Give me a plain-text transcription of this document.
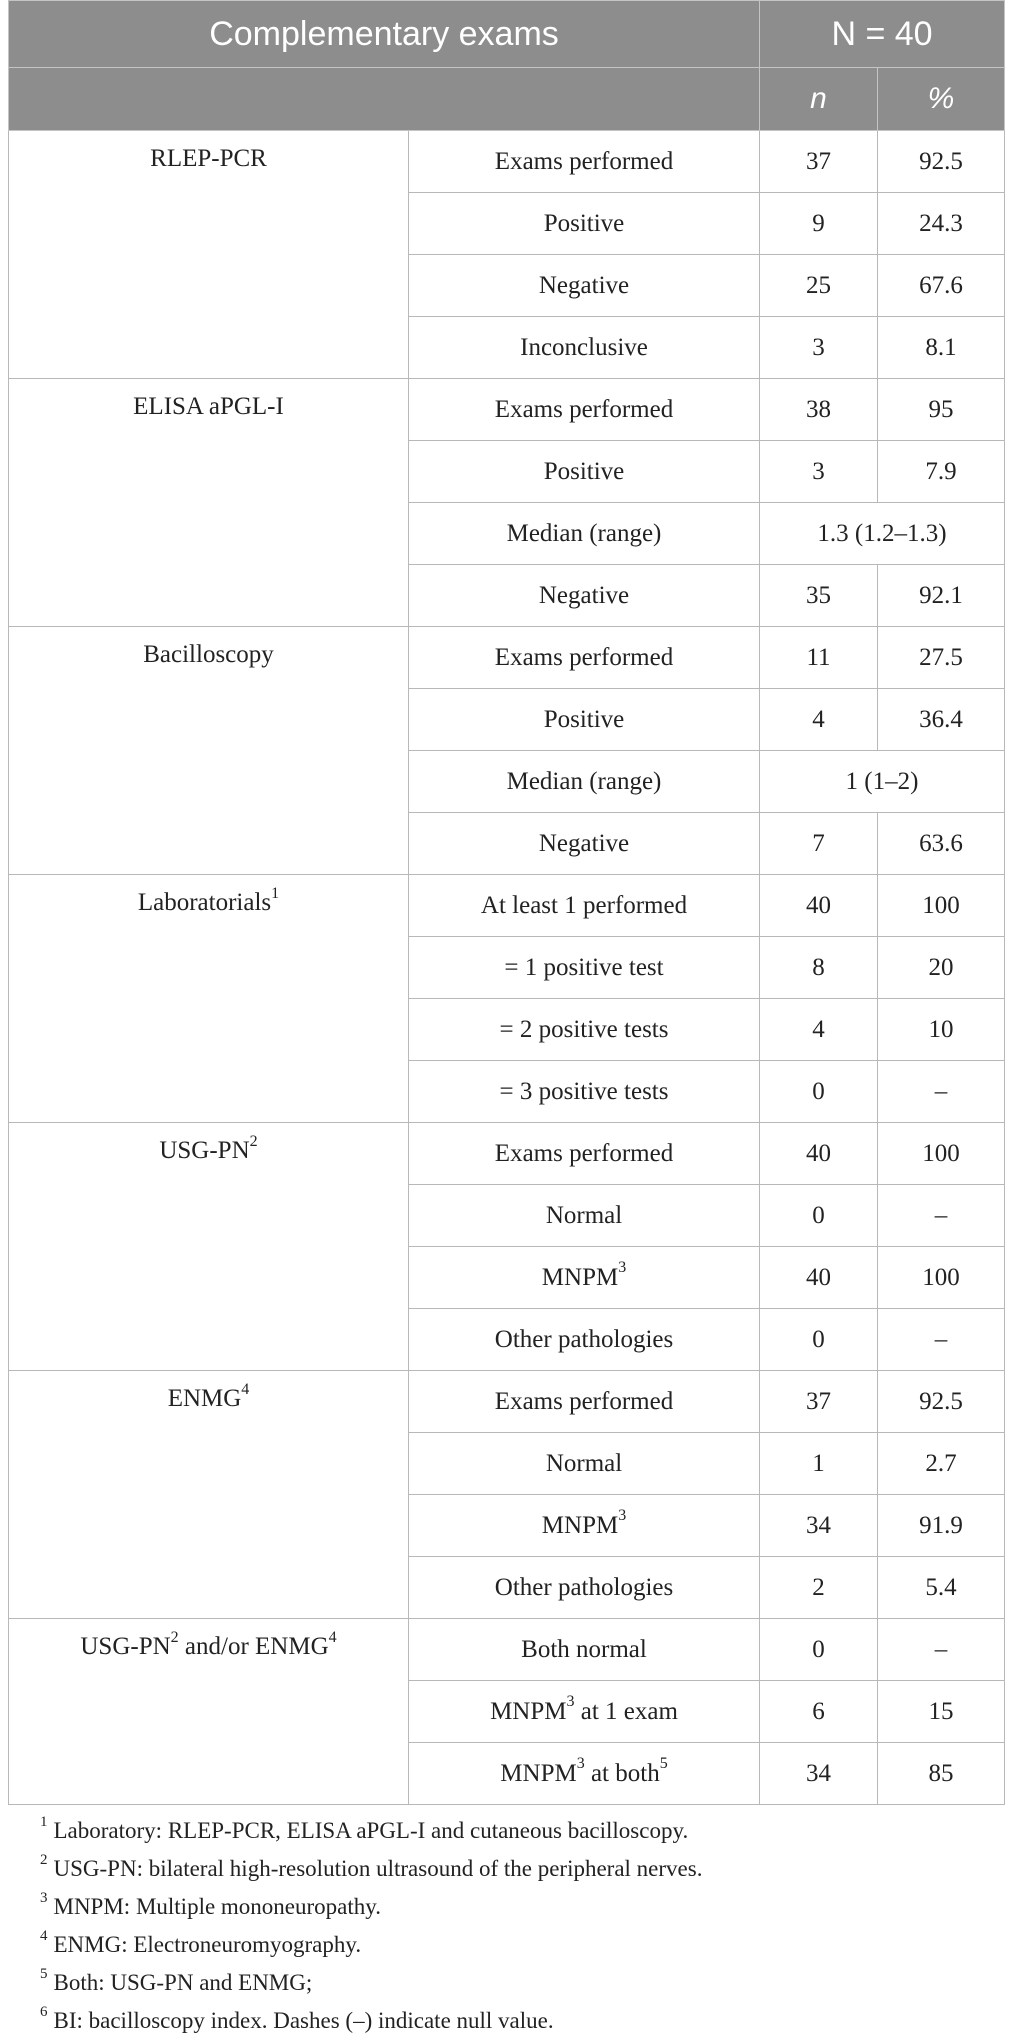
Complementary exams		N = 40	
		n	%
RLEP-PCR	Exams performed	37	92.5
	Positive	9	24.3
	Negative	25	67.6
	Inconclusive	3	8.1
ELISA aPGL-I	Exams performed	38	95
	Positive	3	7.9
	Median (range)	1.3 (1.2–1.3)	
	Negative	35	92.1
Bacilloscopy	Exams performed	11	27.5
	Positive	4	36.4
	Median (range)	1 (1–2)	
	Negative	7	63.6
Laboratorials$^1$	At least 1 performed	40	100
	= 1 positive test	8	20
	= 2 positive tests	4	10
	= 3 positive tests	0	–
USG-$PN^2$	Exams performed	40	100
	Normal	0	–
	MNPM$^3$	40	100
	Other pathologies	0	–
ENMG$^4$	Exams performed	37	92.5
	Normal	1	2.7
	MNPM$^3$	34	91.9
	Other pathologies	2	5.4
USG-$PN^2$ and/or ENMG$^4$	Both normal	0	–
	MNPM$^3$ at 1 exam	6	15
	MNPM$^3$ at both$^5$	34	85
$^1$ Laboratory: RLEP-PCR, ELISA aPGL-I and cutaneous bacilloscopy.
$^2$ USG-PN: bilateral high-resolution ultrasound of the peripheral nerves.
$^3$ MNPM: Multiple mononeuropathy.
$^4$ ENMG: Electroneuromyography.
$^5$ Both: USG-PN and ENMG;
$^6$ BI: bacilloscopy index. Dashes (–) indicate null value.
